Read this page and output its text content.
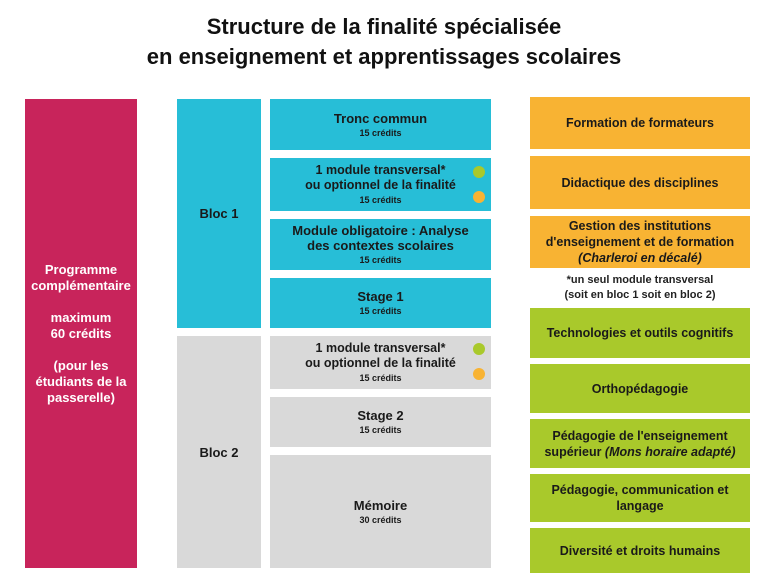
Structure de la finalité spécialisée
en enseignement et apprentissages scolaires
Programme
complémentaire
maximum
60 crédits
(pour les
étudiants de la
passerelle)
Bloc 1
Bloc 2
Tronc commun
15 crédits
1 module transversal*
ou optionnel de la finalité
15 crédits
Module obligatoire : Analyse
des contextes scolaires
15 crédits
Stage 1
15 crédits
1 module transversal*
ou optionnel de la finalité
15 crédits
Stage 2
15 crédits
Mémoire
30 crédits
Formation de formateurs
Didactique des disciplines
Gestion des institutions
d'enseignement et de formation
(Charleroi en décalé)
*un seul module transversal
(soit en bloc 1 soit en bloc 2)
Technologies et outils cognitifs
Orthopédagogie
Pédagogie de l'enseignement
supérieur (Mons horaire adapté)
Pédagogie, communication et
langage
Diversité et droits humains
